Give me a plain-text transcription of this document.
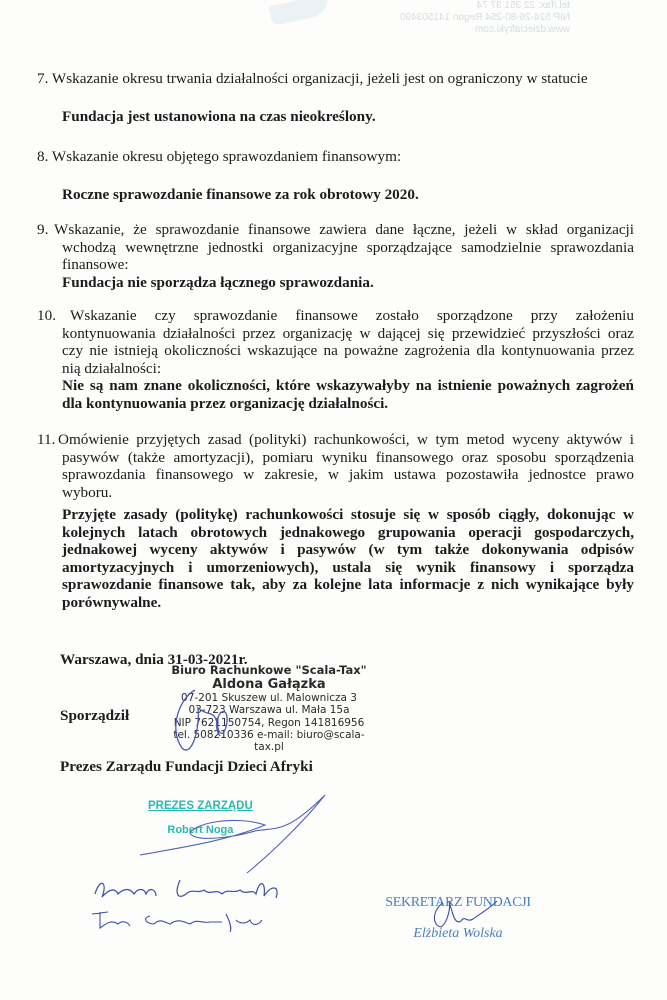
tel./fax: 22 351 37 74
NIP 524-26-80-254 Regon 141503490
www.dzieciafryki.com
7. Wskazanie okresu trwania działalności organizacji, jeżeli jest on ograniczony w statucie
Fundacja jest ustanowiona na czas nieokreślony.
8. Wskazanie okresu objętego sprawozdaniem finansowym:
Roczne sprawozdanie finansowe za rok obrotowy 2020.
9. Wskazanie, że sprawozdanie finansowe zawiera dane łączne, jeżeli w skład organizacji
wchodzą wewnętrzne jednostki organizacyjne sporządzające samodzielnie sprawozdania
finansowe:
Fundacja nie sporządza łącznego sprawozdania.
10. Wskazanie czy sprawozdanie finansowe zostało sporządzone przy założeniu
kontynuowania działalności przez organizację w dającej się przewidzieć przyszłości oraz
czy nie istnieją okoliczności wskazujące na poważne zagrożenia dla kontynuowania przez
nią działalności:
Nie są nam znane okoliczności, które wskazywałyby na istnienie poważnych zagrożeń
dla kontynuowania przez organizację działalności.
11. Omówienie przyjętych zasad (polityki) rachunkowości, w tym metod wyceny aktywów i
pasywów (także amortyzacji), pomiaru wyniku finansowego oraz sposobu sporządzenia
sprawozdania finansowego w zakresie, w jakim ustawa pozostawiła jednostce prawo
wyboru.
Przyjęte zasady (politykę) rachunkowości stosuje się w sposób ciągły, dokonując w
kolejnych latach obrotowych jednakowego grupowania operacji gospodarczych,
jednakowej wyceny aktywów i pasywów (w tym także dokonywania odpisów
amortyzacyjnych i umorzeniowych), ustala się wynik finansowy i sporządza
sprawozdanie finansowe tak, aby za kolejne lata informacje z nich wynikające były
porównywalne.
Warszawa, dnia 31-03-2021r.
Biuro Rachunkowe "Scala-Tax"
Aldona Gałązka
07-201 Skuszew ul. Malownicza 3
03-723 Warszawa ul. Mała 15a
NIP 7621150754, Regon 141816956
tel. 508210336 e-mail: biuro@scala-tax.pl
Sporządził
Prezes Zarządu Fundacji Dzieci Afryki
PREZES ZARZĄDU
Robert Noga
SEKRETARZ FUNDACJI
Elżbieta Wolska
